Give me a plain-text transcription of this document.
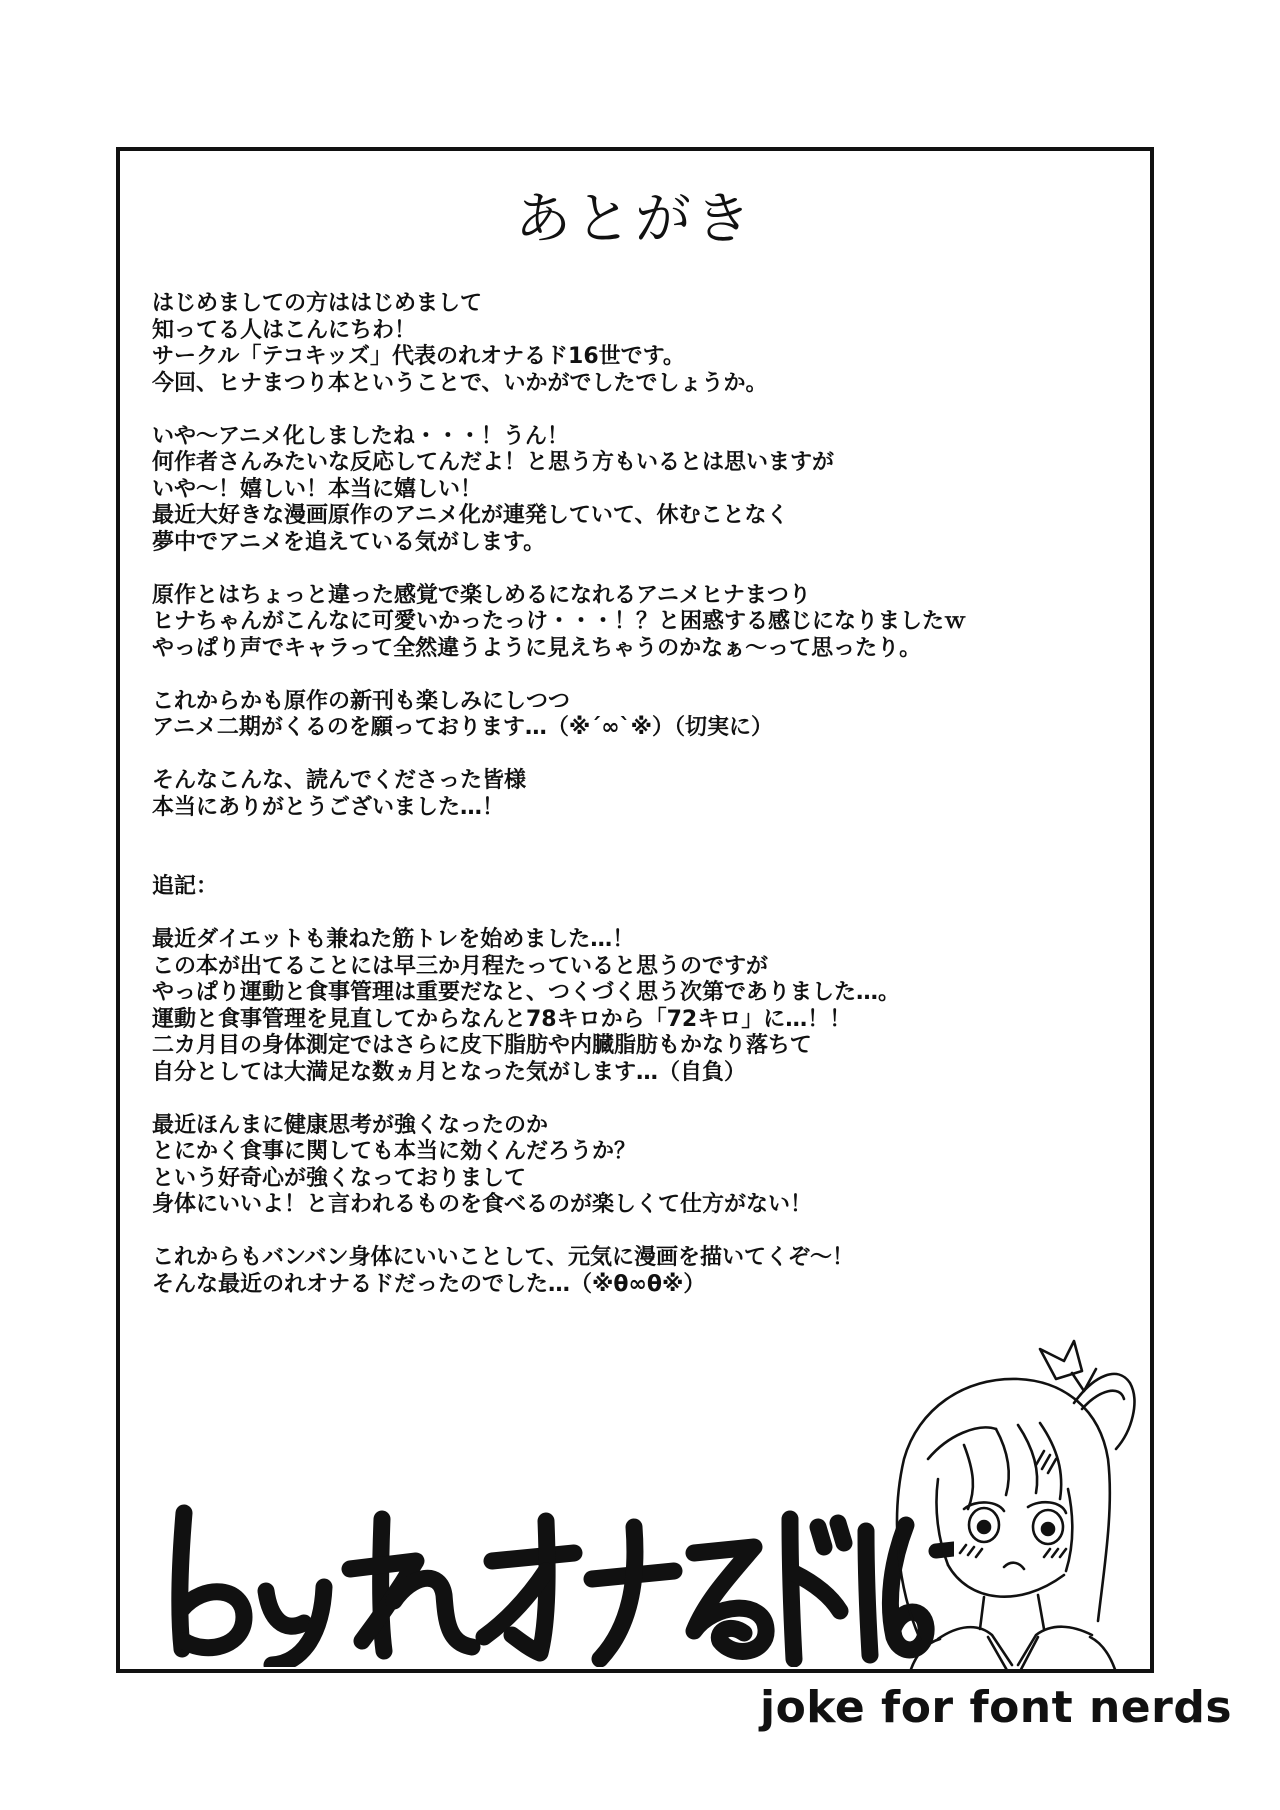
あとがき
はじめましての方ははじめまして
知ってる人はこんにちわ！
サークル「テコキッズ」代表のれオナるド16世です。
今回、ヒナまつり本ということで、いかがでしたでしょうか。
いや～アニメ化しましたね・・・！うん！
何作者さんみたいな反応してんだよ！と思う方もいるとは思いますが
いや～！嬉しい！本当に嬉しい！
最近大好きな漫画原作のアニメ化が連発していて、休むことなく
夢中でアニメを追えている気がします。
原作とはちょっと違った感覚で楽しめるになれるアニメヒナまつり
ヒナちゃんがこんなに可愛いかったっけ・・・！？と困惑する感じになりましたｗ
やっぱり声でキャラって全然違うように見えちゃうのかなぁ～って思ったり。
これからかも原作の新刊も楽しみにしつつ
アニメ二期がくるのを願っております…（※´∞`※）（切実に）
そんなこんな、読んでくださった皆様
本当にありがとうございました…！
追記：
最近ダイエットも兼ねた筋トレを始めました…！
この本が出てることには早三か月程たっていると思うのですが
やっぱり運動と食事管理は重要だなと、つくづく思う次第でありました…。
運動と食事管理を見直してからなんと78キロから「72キロ」に…！！
二カ月目の身体測定ではさらに皮下脂肪や内臓脂肪もかなり落ちて
自分としては大満足な数ヵ月となった気がします…（自負）
最近ほんまに健康思考が強くなったのか
とにかく食事に関しても本当に効くんだろうか？
という好奇心が強くなっておりまして
身体にいいよ！と言われるものを食べるのが楽しくて仕方がない！
これからもバンバン身体にいいことして、元気に漫画を描いてくぞ～！
そんな最近のれオナるドだったのでした…（※θ∞θ※）
joke for font nerds
